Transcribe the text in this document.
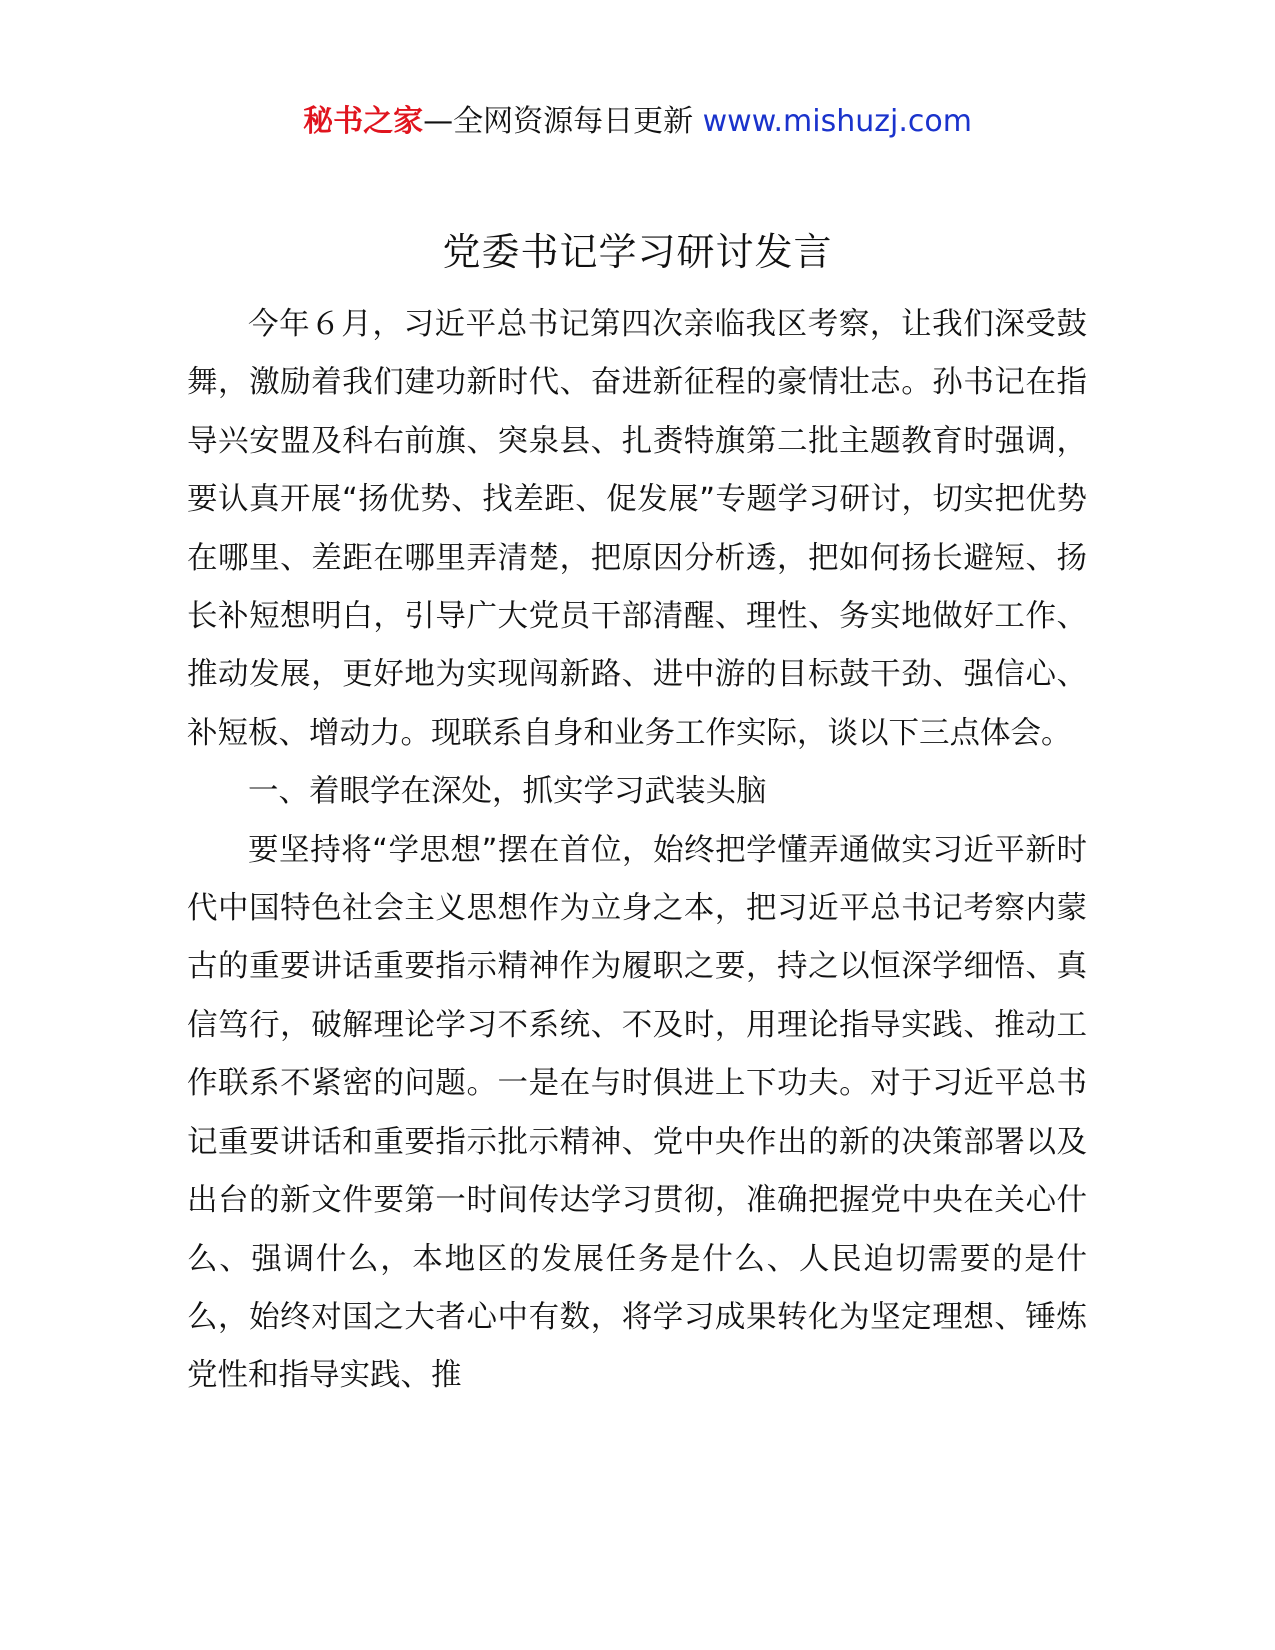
秘书之家—全网资源每日更新 www.mishuzj.com
党委书记学习研讨发言

今年６月，习近平总书记第四次亲临我区考察，让我们深受鼓舞，激励着我们建功新时代、奋进新征程的豪情壮志。孙书记在指导兴安盟及科右前旗、突泉县、扎赉特旗第二批主题教育时强调，要认真开展“扬优势、找差距、促发展”专题学习研讨，切实把优势在哪里、差距在哪里弄清楚，把原因分析透，把如何扬长避短、扬长补短想明白，引导广大党员干部清醒、理性、务实地做好工作、推动发展，更好地为实现闯新路、进中游的目标鼓干劲、强信心、补短板、增动力。现联系自身和业务工作实际，谈以下三点体会。

一、着眼学在深处，抓实学习武装头脑

要坚持将“学思想”摆在首位，始终把学懂弄通做实习近平新时代中国特色社会主义思想作为立身之本，把习近平总书记考察内蒙古的重要讲话重要指示精神作为履职之要，持之以恒深学细悟、真信笃行，破解理论学习不系统、不及时，用理论指导实践、推动工作联系不紧密的问题。一是在与时俱进上下功夫。对于习近平总书记重要讲话和重要指示批示精神、党中央作出的新的决策部署以及出台的新文件要第一时间传达学习贯彻，准确把握党中央在关心什么、强调什么，本地区的发展任务是什么、人民迫切需要的是什么，始终对国之大者心中有数，将学习成果转化为坚定理想、锤炼党性和指导实践、推
